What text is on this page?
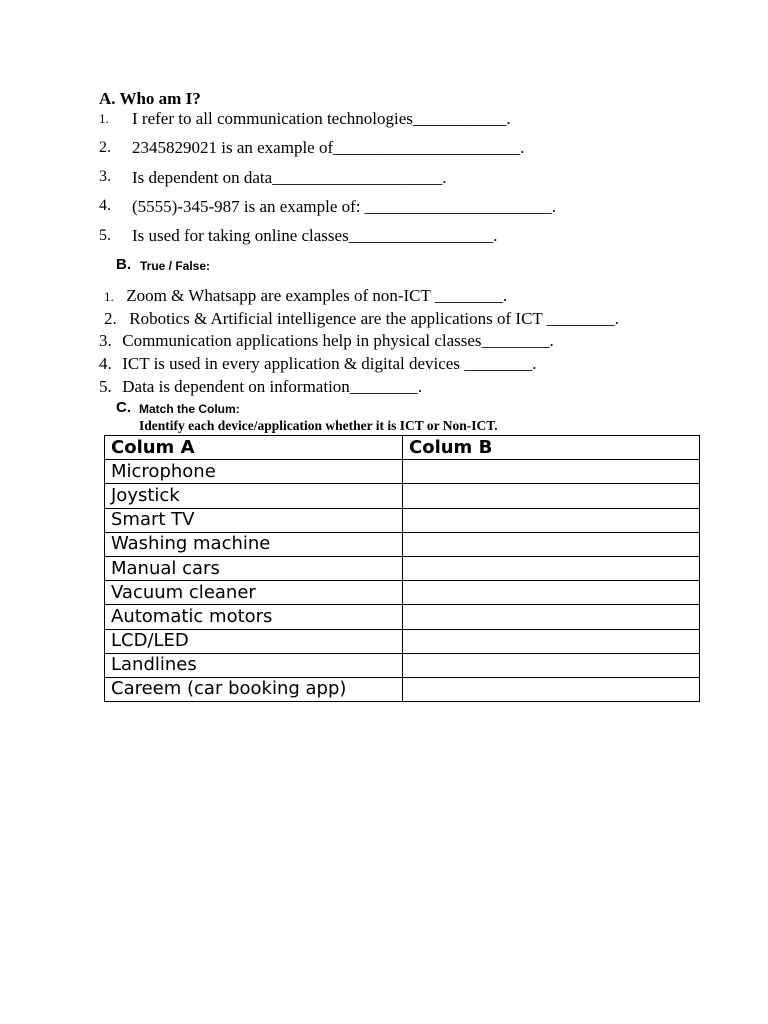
A. Who am I?
1. I refer to all communication technologies___________.
2. 2345829021 is an example of______________________.
3. Is dependent on data____________________.
4. (5555)-345-987 is an example of: ______________________.
5. Is used for taking online classes_________________.
B. True / False:
1. Zoom & Whatsapp are examples of non-ICT ________.
2. Robotics & Artificial intelligence are the applications of ICT ________.
3. Communication applications help in physical classes________.
4. ICT is used in every application & digital devices ________.
5. Data is dependent on information________.
C. Match the Colum:
Identify each device/application whether it is ICT or Non-ICT.
Colum A	Colum B
Microphone	
Joystick	
Smart TV	
Washing machine	
Manual cars	
Vacuum cleaner	
Automatic motors	
LCD/LED	
Landlines	
Careem (car booking app)	
